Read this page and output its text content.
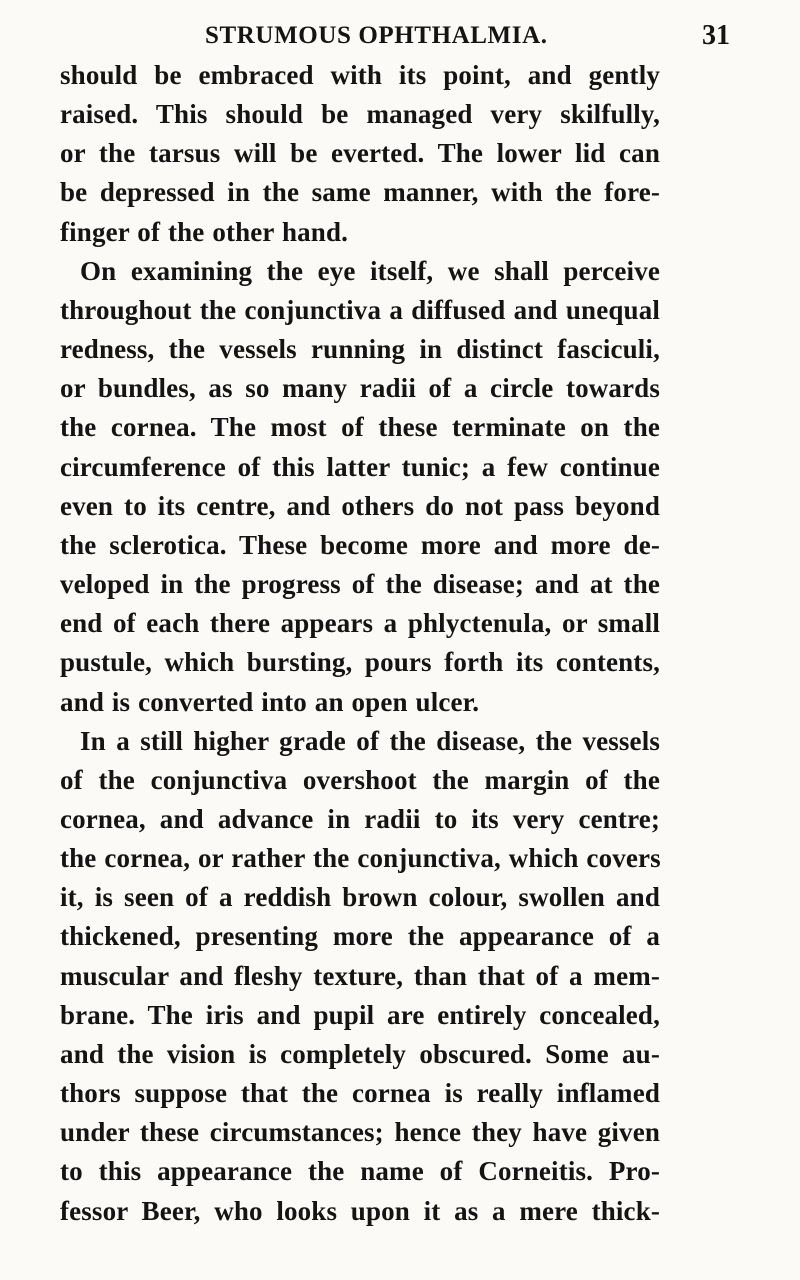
STRUMOUS OPHTHALMIA.	31
should be embraced with its point, and gently
raised. This should be managed very skilfully,
or the tarsus will be everted. The lower lid can
be depressed in the same manner, with the fore-
finger of the other hand.
On examining the eye itself, we shall perceive
throughout the conjunctiva a diffused and unequal
redness, the vessels running in distinct fasciculi,
or bundles, as so many radii of a circle towards
the cornea. The most of these terminate on the
circumference of this latter tunic; a few continue
even to its centre, and others do not pass beyond
the sclerotica. These become more and more de-
veloped in the progress of the disease; and at the
end of each there appears a phlyctenula, or small
pustule, which bursting, pours forth its contents,
and is converted into an open ulcer.
In a still higher grade of the disease, the vessels
of the conjunctiva overshoot the margin of the
cornea, and advance in radii to its very centre;
the cornea, or rather the conjunctiva, which covers
it, is seen of a reddish brown colour, swollen and
thickened, presenting more the appearance of a
muscular and fleshy texture, than that of a mem-
brane. The iris and pupil are entirely concealed,
and the vision is completely obscured. Some au-
thors suppose that the cornea is really inflamed
under these circumstances; hence they have given
to this appearance the name of Corneitis. Pro-
fessor Beer, who looks upon it as a mere thick-
